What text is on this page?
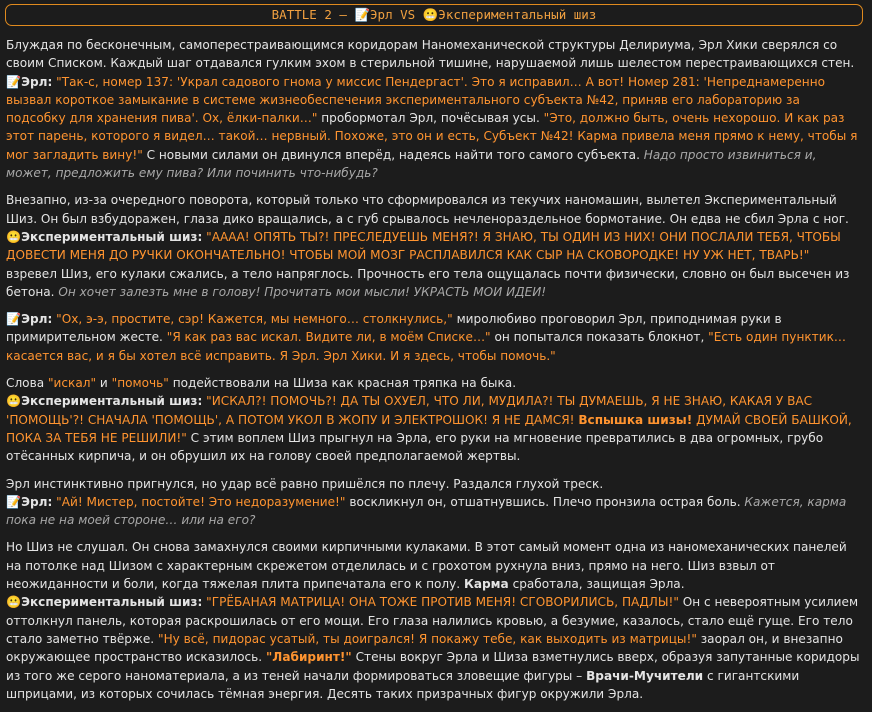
BATTLE 2 – 📝Эрл VS 😬Экспериментальный шиз

Блуждая по бесконечным, самоперестраивающимся коридорам Наномеханической структуры Делириума, Эрл Хики сверялся со своим Списком. Каждый шаг отдавался гулким эхом в стерильной тишине, нарушаемой лишь шелестом перестраивающихся стен.
📝Эрл: "Так-с, номер 137: 'Украл садового гнома у миссис Пендергаст'. Это я исправил… А вот! Номер 281: 'Непреднамеренно вызвал короткое замыкание в системе жизнеобеспечения экспериментального субъекта №42, приняв его лабораторию за подсобку для хранения пива'. Ох, ёлки-палки…" пробормотал Эрл, почёсывая усы. "Это, должно быть, очень нехорошо. И как раз этот парень, которого я видел… такой… нервный. Похоже, это он и есть, Субъект №42! Карма привела меня прямо к нему, чтобы я мог загладить вину!" С новыми силами он двинулся вперёд, надеясь найти того самого субъекта. Надо просто извиниться и, может, предложить ему пива? Или починить что-нибудь?

Внезапно, из-за очередного поворота, который только что сформировался из текучих наномашин, вылетел Экспериментальный Шиз. Он был взбудоражен, глаза дико вращались, а с губ срывалось нечленораздельное бормотание. Он едва не сбил Эрла с ног.
😬Экспериментальный шиз: "АААА! ОПЯТЬ ТЫ?! ПРЕСЛЕДУЕШЬ МЕНЯ?! Я ЗНАЮ, ТЫ ОДИН ИЗ НИХ! ОНИ ПОСЛАЛИ ТЕБЯ, ЧТОБЫ ДОВЕСТИ МЕНЯ ДО РУЧКИ ОКОНЧАТЕЛЬНО! ЧТОБЫ МОЙ МОЗГ РАСПЛАВИЛСЯ КАК СЫР НА СКОВОРОДКЕ! НУ УЖ НЕТ, ТВАРЬ!" взревел Шиз, его кулаки сжались, а тело напряглось. Прочность его тела ощущалась почти физически, словно он был высечен из бетона. Он хочет залезть мне в голову! Прочитать мои мысли! УКРАСТЬ МОИ ИДЕИ!

📝Эрл: "Ох, э-э, простите, сэр! Кажется, мы немного… столкнулись," миролюбиво проговорил Эрл, приподнимая руки в примирительном жесте. "Я как раз вас искал. Видите ли, в моём Списке…" он попытался показать блокнот, "Есть один пунктик… касается вас, и я бы хотел всё исправить. Я Эрл. Эрл Хики. И я здесь, чтобы помочь."

Слова "искал" и "помочь" подействовали на Шиза как красная тряпка на быка.
😬Экспериментальный шиз: "ИСКАЛ?! ПОМОЧЬ?! ДА ТЫ ОХУЕЛ, ЧТО ЛИ, МУДИЛА?! ТЫ ДУМАЕШЬ, Я НЕ ЗНАЮ, КАКАЯ У ВАС 'ПОМОЩЬ'?! СНАЧАЛА 'ПОМОЩЬ', А ПОТОМ УКОЛ В ЖОПУ И ЭЛЕКТРОШОК! Я НЕ ДАМСЯ! Вспышка шизы! ДУМАЙ СВОЕЙ БАШКОЙ, ПОКА ЗА ТЕБЯ НЕ РЕШИЛИ!" С этим воплем Шиз прыгнул на Эрла, его руки на мгновение превратились в два огромных, грубо отёсанных кирпича, и он обрушил их на голову своей предполагаемой жертвы.

Эрл инстинктивно пригнулся, но удар всё равно пришёлся по плечу. Раздался глухой треск.
📝Эрл: "Ай! Мистер, постойте! Это недоразумение!" воскликнул он, отшатнувшись. Плечо пронзила острая боль. Кажется, карма пока не на моей стороне… или на его?

Но Шиз не слушал. Он снова замахнулся своими кирпичными кулаками. В этот самый момент одна из наномеханических панелей на потолке над Шизом с характерным скрежетом отделилась и с грохотом рухнула вниз, прямо на него. Шиз взвыл от неожиданности и боли, когда тяжелая плита припечатала его к полу. Карма сработала, защищая Эрла.
😬Экспериментальный шиз: "ГРЁБАНАЯ МАТРИЦА! ОНА ТОЖЕ ПРОТИВ МЕНЯ! СГОВОРИЛИСЬ, ПАДЛЫ!" Он с невероятным усилием оттолкнул панель, которая раскрошилась от его мощи. Его глаза налились кровью, а безумие, казалось, стало ещё гуще. Его тело стало заметно твёрже. "Ну всё, пидорас усатый, ты доигрался! Я покажу тебе, как выходить из матрицы!" заорал он, и внезапно окружающее пространство исказилось. "Лабиринт!" Стены вокруг Эрла и Шиза взметнулись вверх, образуя запутанные коридоры из того же серого наноматериала, а из теней начали формироваться зловещие фигуры – Врачи-Мучители с гигантскими шприцами, из которых сочилась тёмная энергия. Десять таких призрачных фигур окружили Эрла.
